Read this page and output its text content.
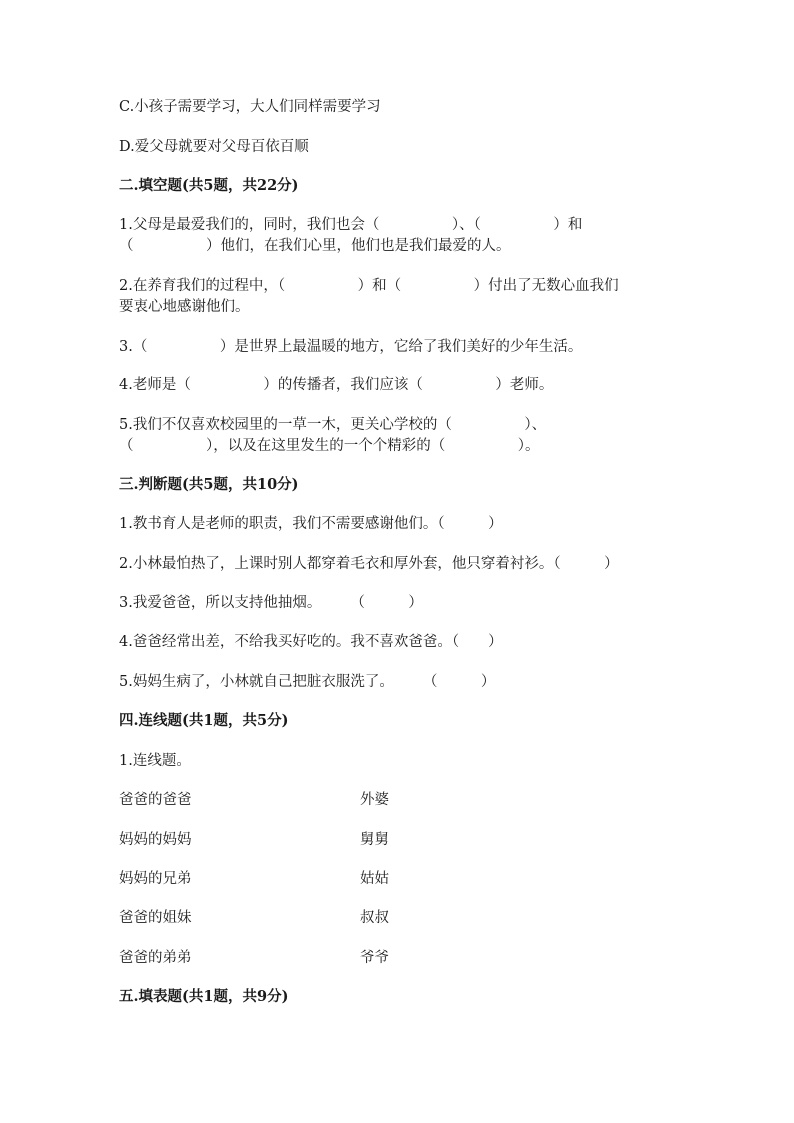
C.小孩子需要学习，大人们同样需要学习
D.爱父母就要对父母百依百顺
二.填空题(共5题，共22分)
1.父母是最爱我们的，同时，我们也会（　　　　　）、（　　　　　）和
（　　　　　）他们，在我们心里，他们也是我们最爱的人。
2.在养育我们的过程中，（　　　　　）和（　　　　　）付出了无数心血我们
要衷心地感谢他们。
3.（　　　　　）是世界上最温暖的地方，它给了我们美好的少年生活。
4.老师是（　　　　　）的传播者，我们应该（　　　　　）老师。
5.我们不仅喜欢校园里的一草一木，更关心学校的（　　　　　）、
（　　　　　），以及在这里发生的一个个精彩的（　　　　　）。
三.判断题(共5题，共10分)
1.教书育人是老师的职责，我们不需要感谢他们。（　　　）
2.小林最怕热了，上课时别人都穿着毛衣和厚外套，他只穿着衬衫。（　　　）
3.我爱爸爸，所以支持他抽烟。　　　（　　　）
4.爸爸经常出差，不给我买好吃的。我不喜欢爸爸。（　　）
5.妈妈生病了，小林就自己把脏衣服洗了。　　　（　　　）
四.连线题(共1题，共5分)
1.连线题。
爸爸的爸爸	外婆
妈妈的妈妈	舅舅
妈妈的兄弟	姑姑
爸爸的姐妹	叔叔
爸爸的弟弟	爷爷
五.填表题(共1题，共9分)
